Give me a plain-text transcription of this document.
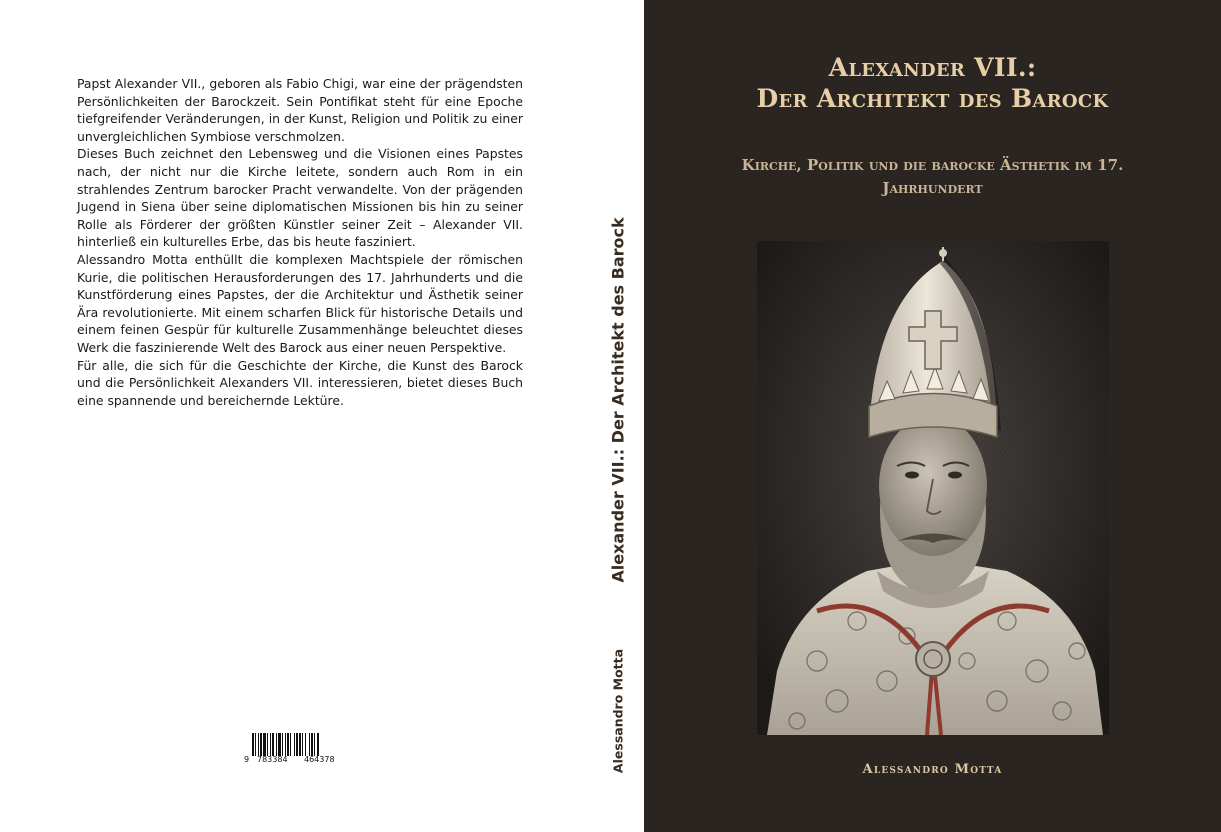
Papst Alexander VII., geboren als Fabio Chigi, war eine der prägendsten Persönlichkeiten der Barockzeit. Sein Pontifikat steht für eine Epoche tiefgreifender Veränderungen, in der Kunst, Religion und Politik zu einer unvergleichlichen Symbiose verschmolzen.

Dieses Buch zeichnet den Lebensweg und die Visionen eines Papstes nach, der nicht nur die Kirche leitete, sondern auch Rom in ein strahlendes Zentrum barocker Pracht verwandelte. Von der prägenden Jugend in Siena über seine diplomatischen Missionen bis hin zu seiner Rolle als Förderer der größten Künstler seiner Zeit – Alexander VII. hinterließ ein kulturelles Erbe, das bis heute fasziniert.

Alessandro Motta enthüllt die komplexen Machtspiele der römischen Kurie, die politischen Herausforderungen des 17. Jahrhunderts und die Kunstförderung eines Papstes, der die Architektur und Ästhetik seiner Ära revolutionierte. Mit einem scharfen Blick für historische Details und einem feinen Gespür für kulturelle Zusammenhänge beleuchtet dieses Werk die faszinierende Welt des Barock aus einer neuen Perspektive.

Für alle, die sich für die Geschichte der Kirche, die Kunst des Barock und die Persönlichkeit Alexanders VII. interessieren, bietet dieses Buch eine spannende und bereichernde Lektüre.

9 783384 464378
Alexander VII.: Der Architekt des Barock
Alessandro Motta
Alexander VII.:
Der Architekt des Barock
Kirche, Politik und die barocke Ästhetik im 17. Jahrhundert
Alessandro Motta
